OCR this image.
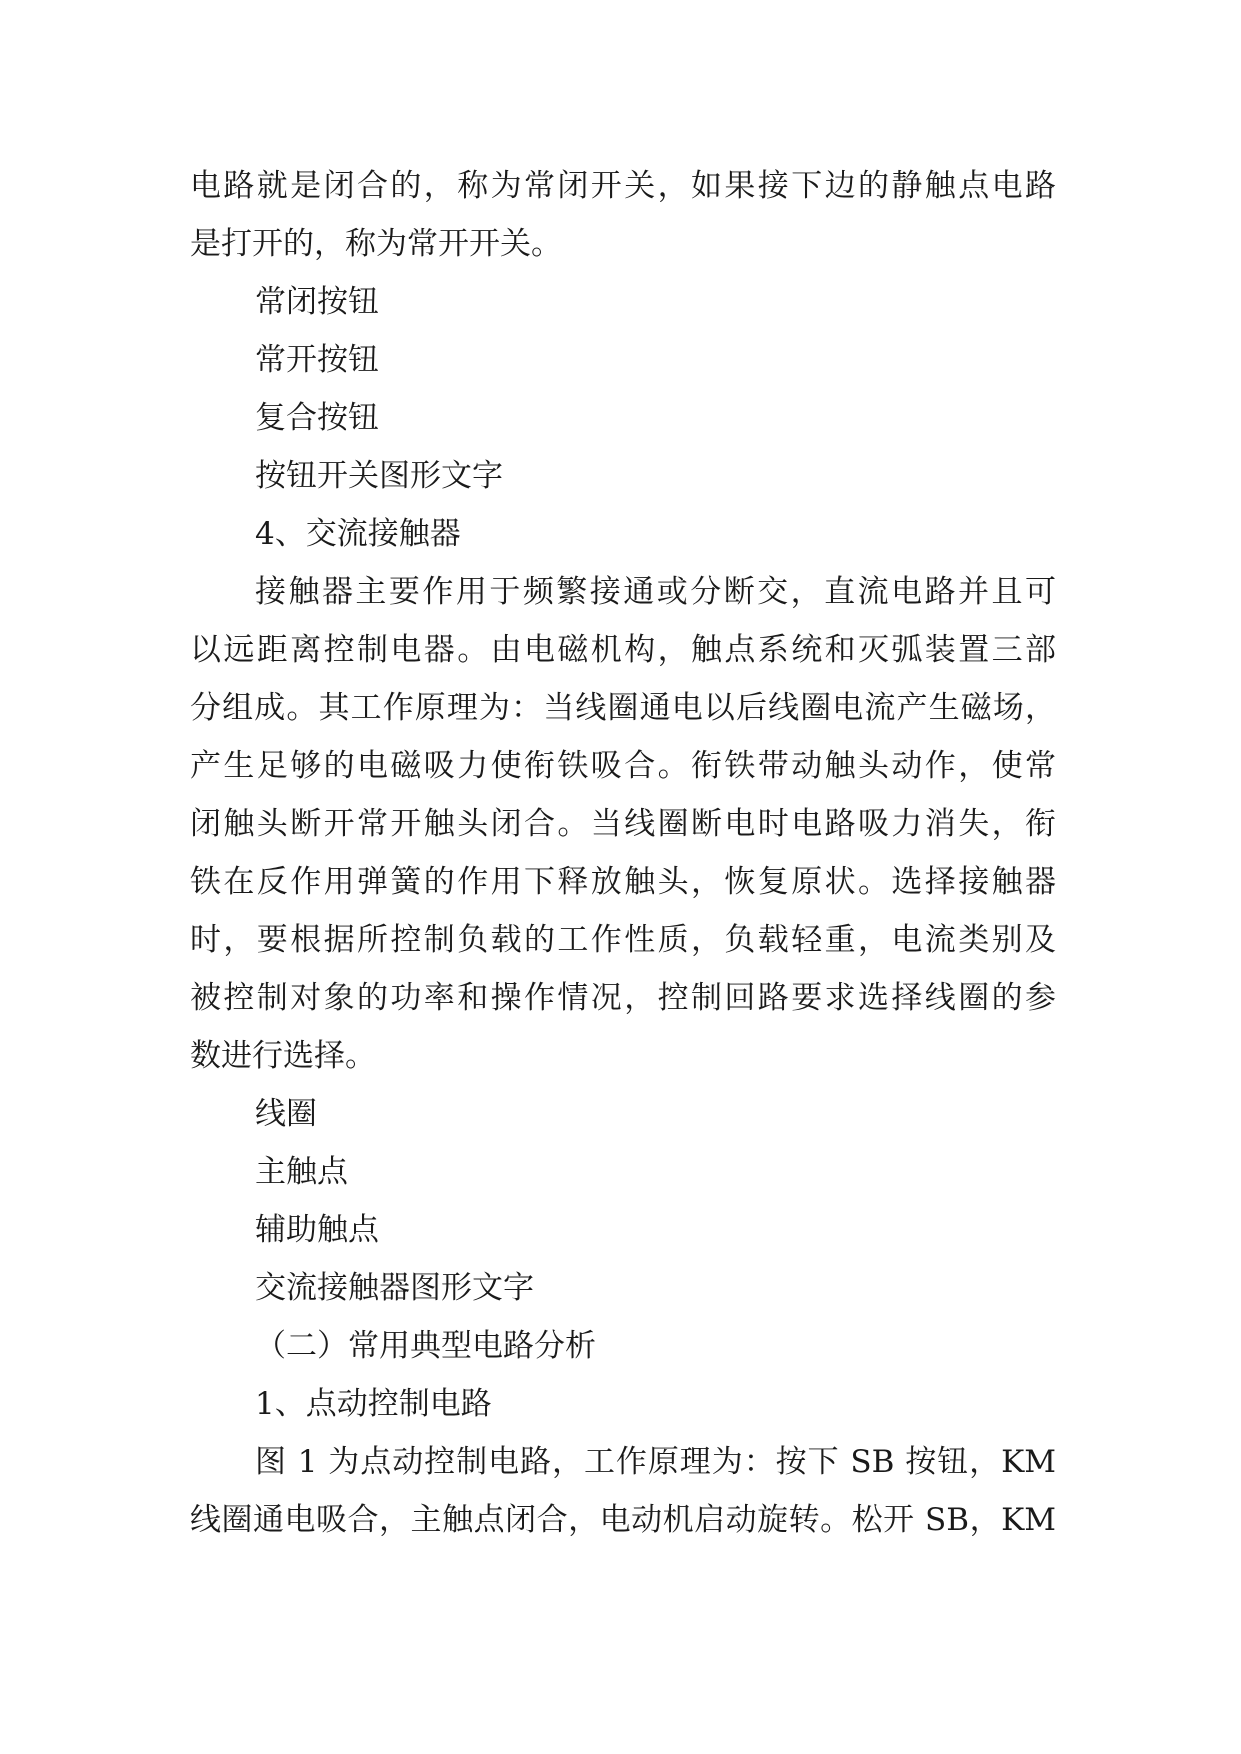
电路就是闭合的，称为常闭开关，如果接下边的静触点电路
是打开的，称为常开开关。
常闭按钮
常开按钮
复合按钮
按钮开关图形文字
4、交流接触器
接触器主要作用于频繁接通或分断交，直流电路并且可
以远距离控制电器。由电磁机构，触点系统和灭弧装置三部
分组成。其工作原理为：当线圈通电以后线圈电流产生磁场，
产生足够的电磁吸力使衔铁吸合。衔铁带动触头动作，使常
闭触头断开常开触头闭合。当线圈断电时电路吸力消失，衔
铁在反作用弹簧的作用下释放触头，恢复原状。选择接触器
时，要根据所控制负载的工作性质，负载轻重，电流类别及
被控制对象的功率和操作情况，控制回路要求选择线圈的参
数进行选择。
线圈
主触点
辅助触点
交流接触器图形文字
（二）常用典型电路分析
1、点动控制电路
图 1 为点动控制电路，工作原理为：按下 SB 按钮，KM
线圈通电吸合，主触点闭合，电动机启动旋转。松开 SB，KM
